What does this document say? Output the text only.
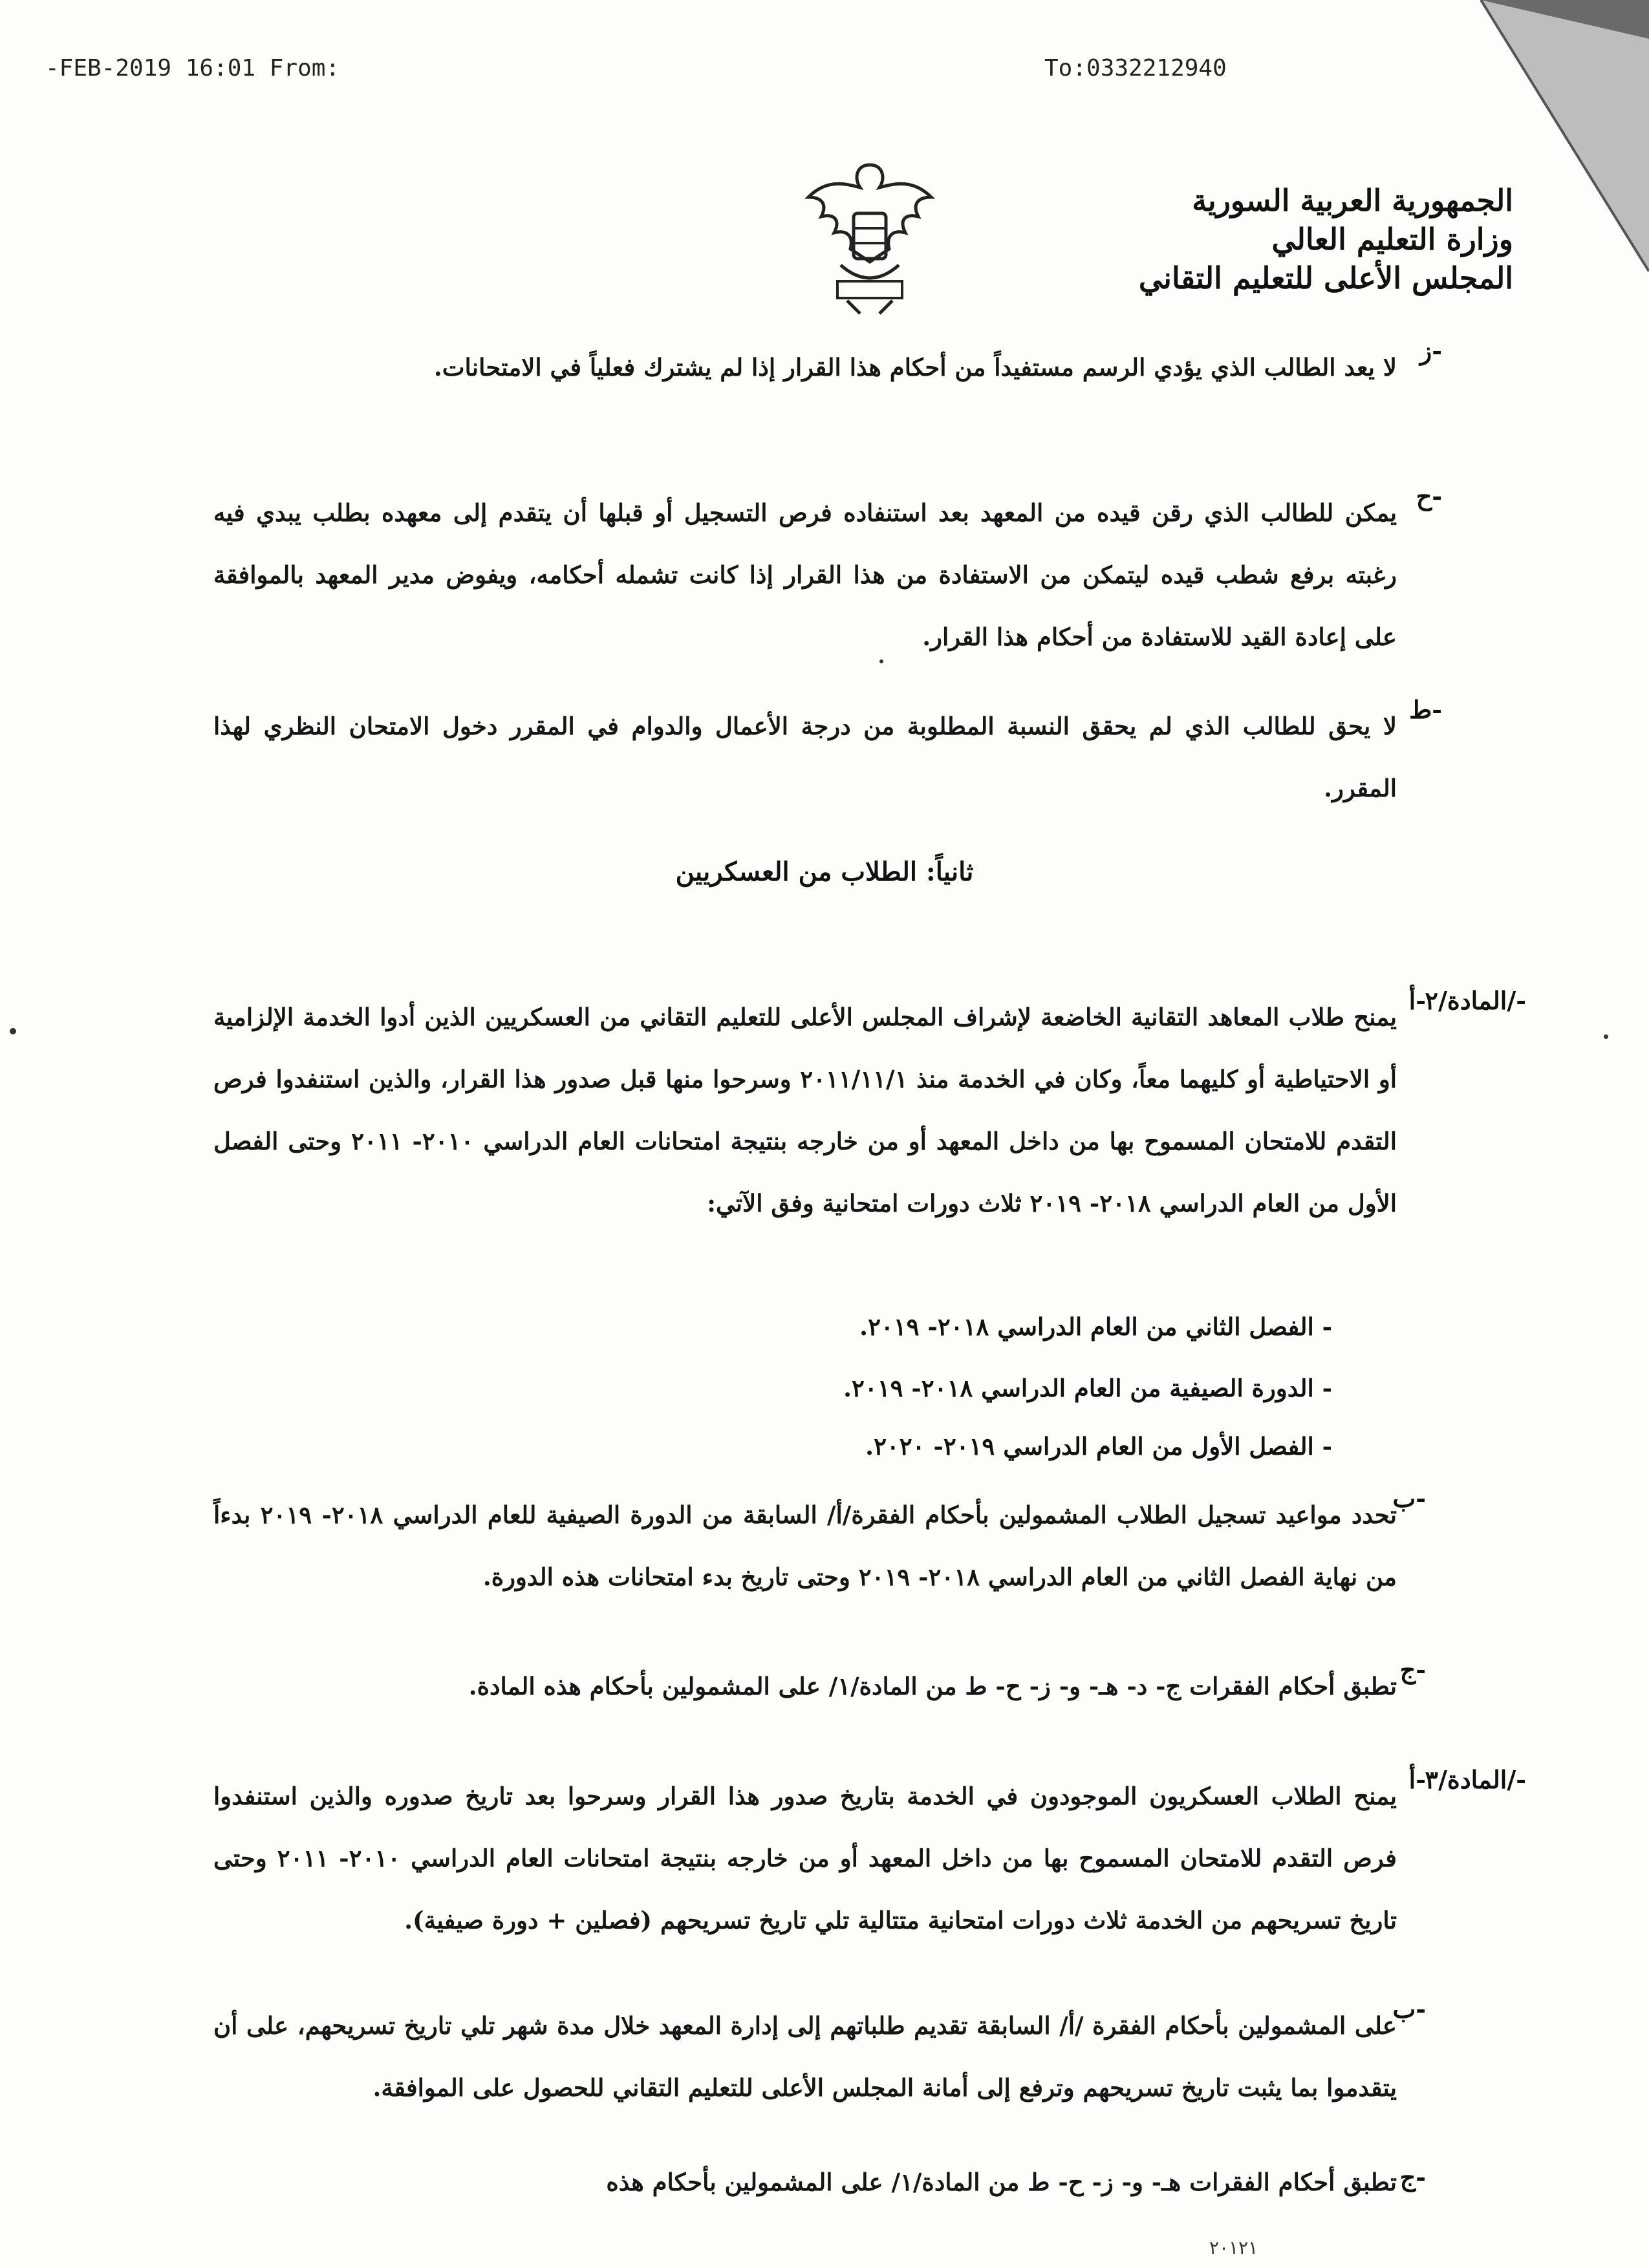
-FEB-2019 16:01 From:	To:0332212940
الجمهورية العربية السورية
وزارة التعليم العالي
المجلس الأعلى للتعليم التقاني
ز-
لا يعد الطالب الذي يؤدي الرسم مستفيداً من أحكام هذا القرار إذا لم يشترك فعلياً في الامتحانات.
ح-
يمكن للطالب الذي رقن قيده من المعهد بعد استنفاده فرص التسجيل أو قبلها أن يتقدم إلى معهده بطلب يبدي فيه رغبته برفع شطب قيده ليتمكن من الاستفادة من هذا القرار إذا كانت تشمله أحكامه، ويفوض مدير المعهد بالموافقة على إعادة القيد للاستفادة من أحكام هذا القرار.
ط-
لا يحق للطالب الذي لم يحقق النسبة المطلوبة من درجة الأعمال والدوام في المقرر دخول الامتحان النظري لهذا المقرر.
ثانياً: الطلاب من العسكريين
المادة/٢/-
أ-
يمنح طلاب المعاهد التقانية الخاضعة لإشراف المجلس الأعلى للتعليم التقاني من العسكريين الذين أدوا الخدمة الإلزامية أو الاحتياطية أو كليهما معاً، وكان في الخدمة منذ ٢٠١١/١١/١ وسرحوا منها قبل صدور هذا القرار، والذين استنفدوا فرص التقدم للامتحان المسموح بها من داخل المعهد أو من خارجه بنتيجة امتحانات العام الدراسي ٢٠١٠- ٢٠١١ وحتى الفصل الأول من العام الدراسي ٢٠١٨- ٢٠١٩ ثلاث دورات امتحانية وفق الآتي:
- الفصل الثاني من العام الدراسي ٢٠١٨- ٢٠١٩.
- الدورة الصيفية من العام الدراسي ٢٠١٨- ٢٠١٩.
- الفصل الأول من العام الدراسي ٢٠١٩- ٢٠٢٠.
ب-
تحدد مواعيد تسجيل الطلاب المشمولين بأحكام الفقرة/أ/ السابقة من الدورة الصيفية للعام الدراسي ٢٠١٨- ٢٠١٩ بدءاً من نهاية الفصل الثاني من العام الدراسي ٢٠١٨- ٢٠١٩ وحتى تاريخ بدء امتحانات هذه الدورة.
ج-
تطبق أحكام الفقرات ج- د- هـ- و- ز- ح- ط من المادة/١/ على المشمولين بأحكام هذه المادة.
المادة/٣/-
أ-
يمنح الطلاب العسكريون الموجودون في الخدمة بتاريخ صدور هذا القرار وسرحوا بعد تاريخ صدوره والذين استنفدوا فرص التقدم للامتحان المسموح بها من داخل المعهد أو من خارجه بنتيجة امتحانات العام الدراسي ٢٠١٠- ٢٠١١ وحتى تاريخ تسريحهم من الخدمة ثلاث دورات امتحانية متتالية تلي تاريخ تسريحهم (فصلين + دورة صيفية).
ب-
على المشمولين بأحكام الفقرة /أ/ السابقة تقديم طلباتهم إلى إدارة المعهد خلال مدة شهر تلي تاريخ تسريحهم، على أن يتقدموا بما يثبت تاريخ تسريحهم وترفع إلى أمانة المجلس الأعلى للتعليم التقاني للحصول على الموافقة.
ج-
تطبق أحكام الفقرات هـ- و- ز- ح- ط من المادة/١/ على المشمولين بأحكام هذه
٢٠١٢١
